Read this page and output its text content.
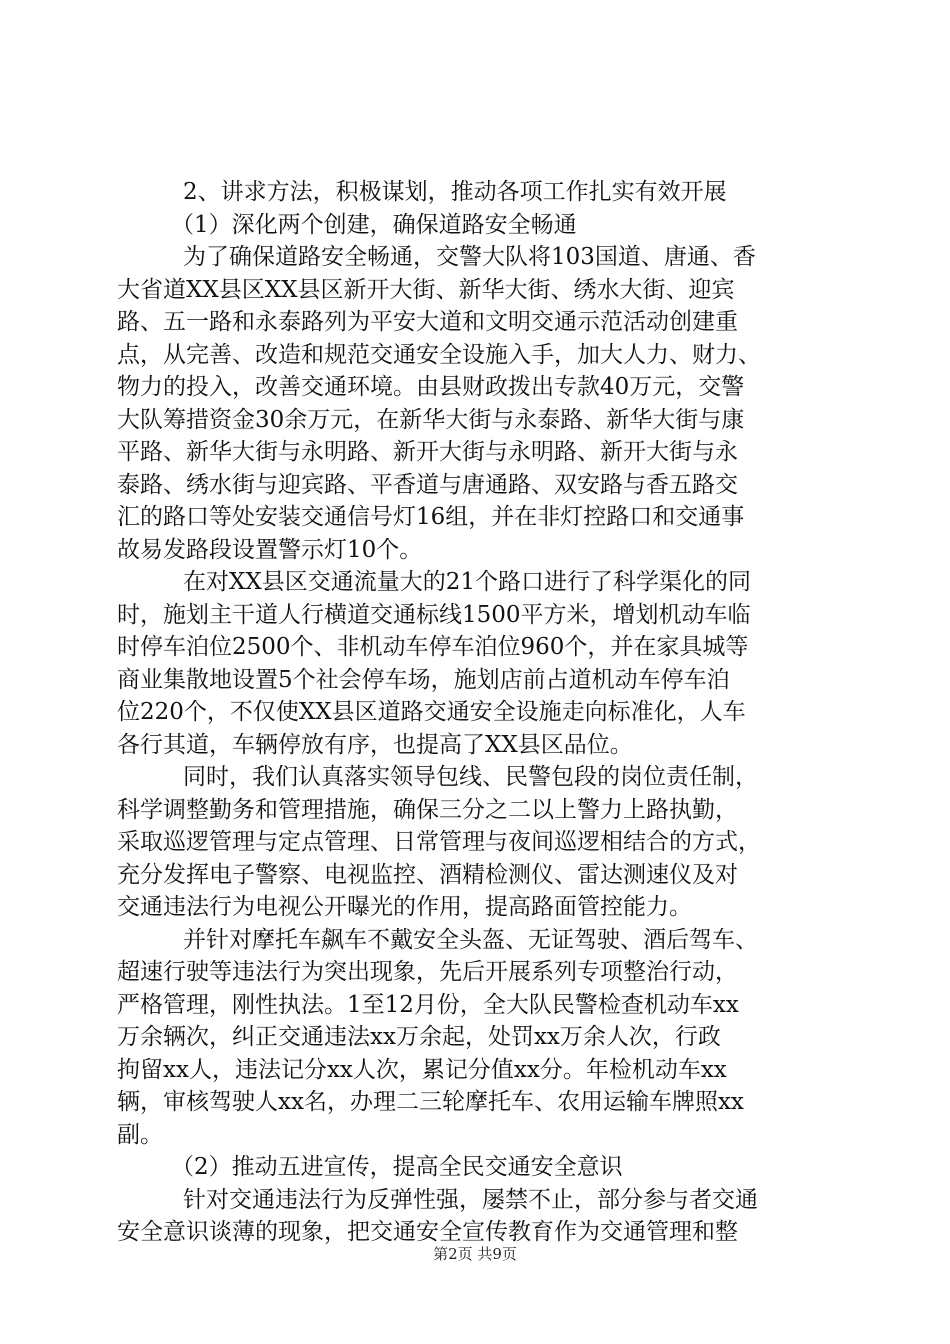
2、讲求方法，积极谋划，推动各项工作扎实有效开展
（1）深化两个创建，确保道路安全畅通
为了确保道路安全畅通，交警大队将103国道、唐通、香
大省道XX县区XX县区新开大街、新华大街、绣水大街、迎宾
路、五一路和永泰路列为平安大道和文明交通示范活动创建重
点，从完善、改造和规范交通安全设施入手，加大人力、财力、
物力的投入，改善交通环境。由县财政拨出专款40万元，交警
大队筹措资金30余万元，在新华大街与永泰路、新华大街与康
平路、新华大街与永明路、新开大街与永明路、新开大街与永
泰路、绣水街与迎宾路、平香道与唐通路、双安路与香五路交
汇的路口等处安装交通信号灯16组，并在非灯控路口和交通事
故易发路段设置警示灯10个。
在对XX县区交通流量大的21个路口进行了科学渠化的同
时，施划主干道人行横道交通标线1500平方米，增划机动车临
时停车泊位2500个、非机动车停车泊位960个，并在家具城等
商业集散地设置5个社会停车场，施划店前占道机动车停车泊
位220个，不仅使XX县区道路交通安全设施走向标准化，人车
各行其道，车辆停放有序，也提高了XX县区品位。
同时，我们认真落实领导包线、民警包段的岗位责任制，
科学调整勤务和管理措施，确保三分之二以上警力上路执勤，
采取巡逻管理与定点管理、日常管理与夜间巡逻相结合的方式，
充分发挥电子警察、电视监控、酒精检测仪、雷达测速仪及对
交通违法行为电视公开曝光的作用，提高路面管控能力。
并针对摩托车飙车不戴安全头盔、无证驾驶、酒后驾车、
超速行驶等违法行为突出现象，先后开展系列专项整治行动，
严格管理，刚性执法。1至12月份，全大队民警检查机动车xx
万余辆次，纠正交通违法xx万余起，处罚xx万余人次，行政
拘留xx人，违法记分xx人次，累记分值xx分。年检机动车xx
辆，审核驾驶人xx名，办理二三轮摩托车、农用运输车牌照xx
副。
（2）推动五进宣传，提高全民交通安全意识
针对交通违法行为反弹性强，屡禁不止，部分参与者交通
安全意识谈薄的现象，把交通安全宣传教育作为交通管理和整
第2页 共9页
